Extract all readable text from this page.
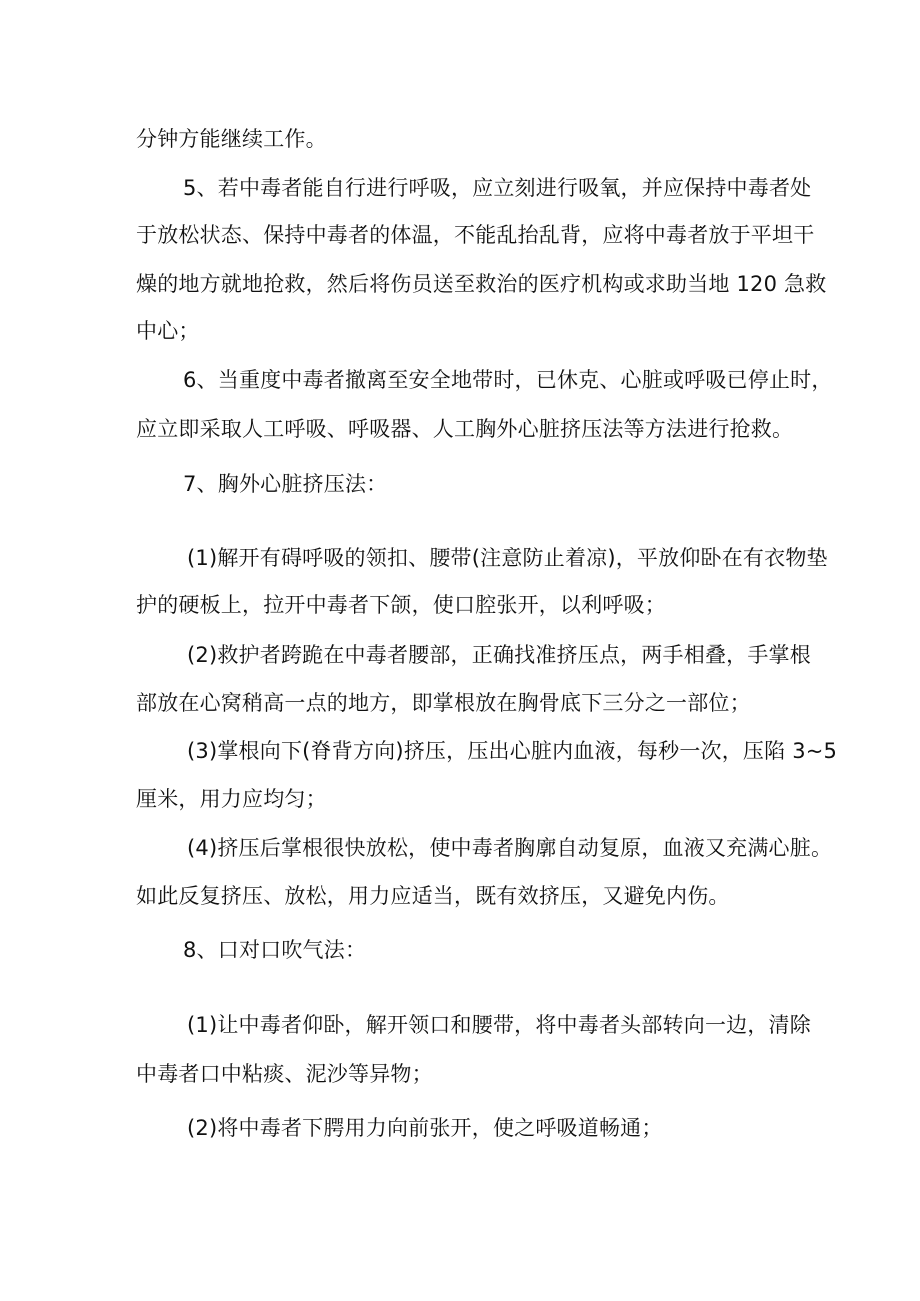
分钟方能继续工作。
5、若中毒者能自行进行呼吸，应立刻进行吸氧，并应保持中毒者处
于放松状态、保持中毒者的体温，不能乱抬乱背，应将中毒者放于平坦干
燥的地方就地抢救，然后将伤员送至救治的医疗机构或求助当地 120 急救
中心；
6、当重度中毒者撤离至安全地带时，已休克、心脏或呼吸已停止时，
应立即采取人工呼吸、呼吸器、人工胸外心脏挤压法等方法进行抢救。
7、胸外心脏挤压法：
(1)解开有碍呼吸的领扣、腰带(注意防止着凉)，平放仰卧在有衣物垫
护的硬板上，拉开中毒者下颌，使口腔张开，以利呼吸；
(2)救护者跨跪在中毒者腰部，正确找准挤压点，两手相叠，手掌根
部放在心窝稍高一点的地方，即掌根放在胸骨底下三分之一部位；
(3)掌根向下(脊背方向)挤压，压出心脏内血液，每秒一次，压陷 3~5
厘米，用力应均匀；
(4)挤压后掌根很快放松，使中毒者胸廓自动复原，血液又充满心脏。
如此反复挤压、放松，用力应适当，既有效挤压，又避免内伤。
8、口对口吹气法：
(1)让中毒者仰卧，解开领口和腰带，将中毒者头部转向一边，清除
中毒者口中粘痰、泥沙等异物；
(2)将中毒者下腭用力向前张开，使之呼吸道畅通；
